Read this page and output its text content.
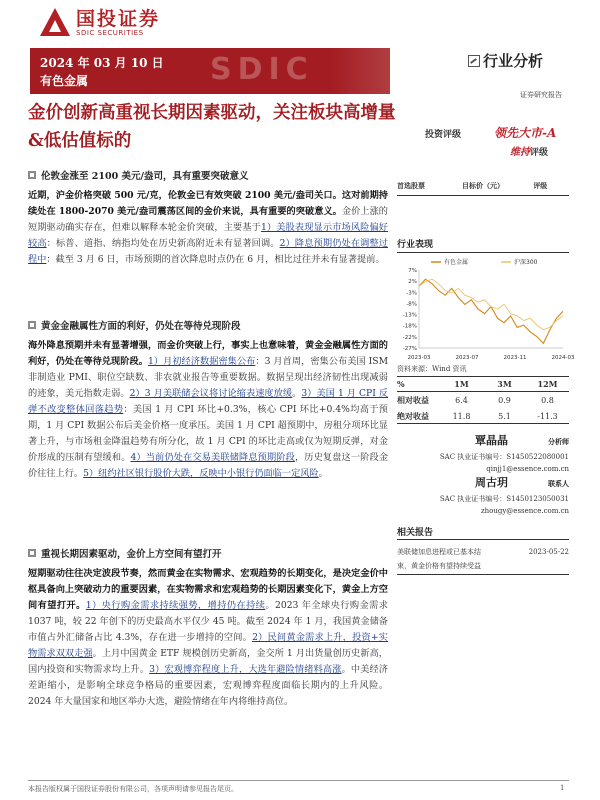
国投证券
SDIC SECURITIES
2024 年 03 月 10 日
有色金属	SDIC	行业分析
证券研究报告
金价创新高重视长期因素驱动，关注板块高增量&低估值标的	投资评级	领先大市-A
维持评级
首选股票	目标价（元）	评级
行业表现
7%
2%
-3%
-8%
-13%
-18%
-22%
-27%
2023-03	2023-07	2023-11	2024-03
有色金属	沪深300
资料来源：Wind 资讯
%	1M	3M	12M
相对收益	6.4	0.9	0.8
绝对收益	11.8	5.1	-11.3
覃晶晶	分析师
SAC 执业证书编号：S1450522080001
qinjj1@essence.com.cn
周古玥	联系人
SAC 执业证书编号：S1450123050031
zhougy@essence.com.cn
相关报告
美联储加息进程或已基本结	2023-05-22
束，黄金价格有望持续受益
伦敦金涨至 2100 美元/盎司，具有重要突破意义
近期，沪金价格突破 500 元/克，伦敦金已有效突破 2100 美元/盎司关口。这对前期持续处在 1800-2070 美元/盎司震荡区间的金价来说，具有重要的突破意义。金价上涨的短期驱动确实存在，但难以解释本轮金价突破，主要基于1）美股表现显示市场风险偏好较高：标普、道指、纳指均处在历史新高附近未有显著回调。2）降息预期仍处在调整过程中：截至 3 月 6 日，市场预期的首次降息时点仍在 6 月，相比过往并未有显著提前。
黄金金融属性方面的利好，仍处在等待兑现阶段
海外降息预期并未有显著增强，而金价突破上行，事实上也意味着，黄金金融属性方面的利好，仍处在等待兑现阶段。1）月初经济数据密集公布：3 月首周，密集公布美国 ISM 非制造业 PMI、职位空缺数、非农就业报告等重要数据。数据呈现出经济韧性出现减弱的迹象，美元指数走弱。2）3 月美联储会议将讨论缩表速度放缓。3）美国 1 月 CPI 反弹不改变整体回落趋势：美国 1 月 CPI 环比+0.3%，核心 CPI 环比+0.4%均高于预期，1 月 CPI 数据公布后美金价格一度承压。美国 1 月 CPI 超预期中，房租分项环比显著上升，与市场租金降温趋势有所分化，故 1 月 CPI 的环比走高或仅为短期反弹，对金价形成的压制有望缓和。4）当前仍处在交易美联储降息预期阶段，历史复盘这一阶段金价往往上行。5）纽约社区银行股价大跌，反映中小银行仍面临一定风险。
重视长期因素驱动，金价上方空间有望打开
短期驱动往往决定波段节奏，然而黄金在实物需求、宏观趋势的长期变化，是决定金价中枢具备向上突破动力的重要因素，在实物需求和宏观趋势的长期因素变化下，黄金上方空间有望打开。1）央行购金需求持续强势，增持仍在持续。2023 年全球央行购金需求 1037 吨，较 22 年创下的历史最高水平仅少 45 吨。截至 2024 年 1 月，我国黄金储备市值占外汇储备占比 4.3%，存在进一步增持的空间。2）民间黄金需求上升，投资+实物需求双双走强。上月中国黄金 ETF 规模创历史新高，金交所 1 月出货量创历史新高，国内投资和实物需求均上升。3）宏观博弈程度上升，大选年避险情绪料高涨。中美经济差距缩小，是影响全球竞争格局的重要因素，宏观博弈程度面临长期内的上升风险。2024 年大量国家和地区举办大选，避险情绪在年内将维持高位。
本报告版权属于国投证券股份有限公司，各项声明请参见报告尾页。	1
